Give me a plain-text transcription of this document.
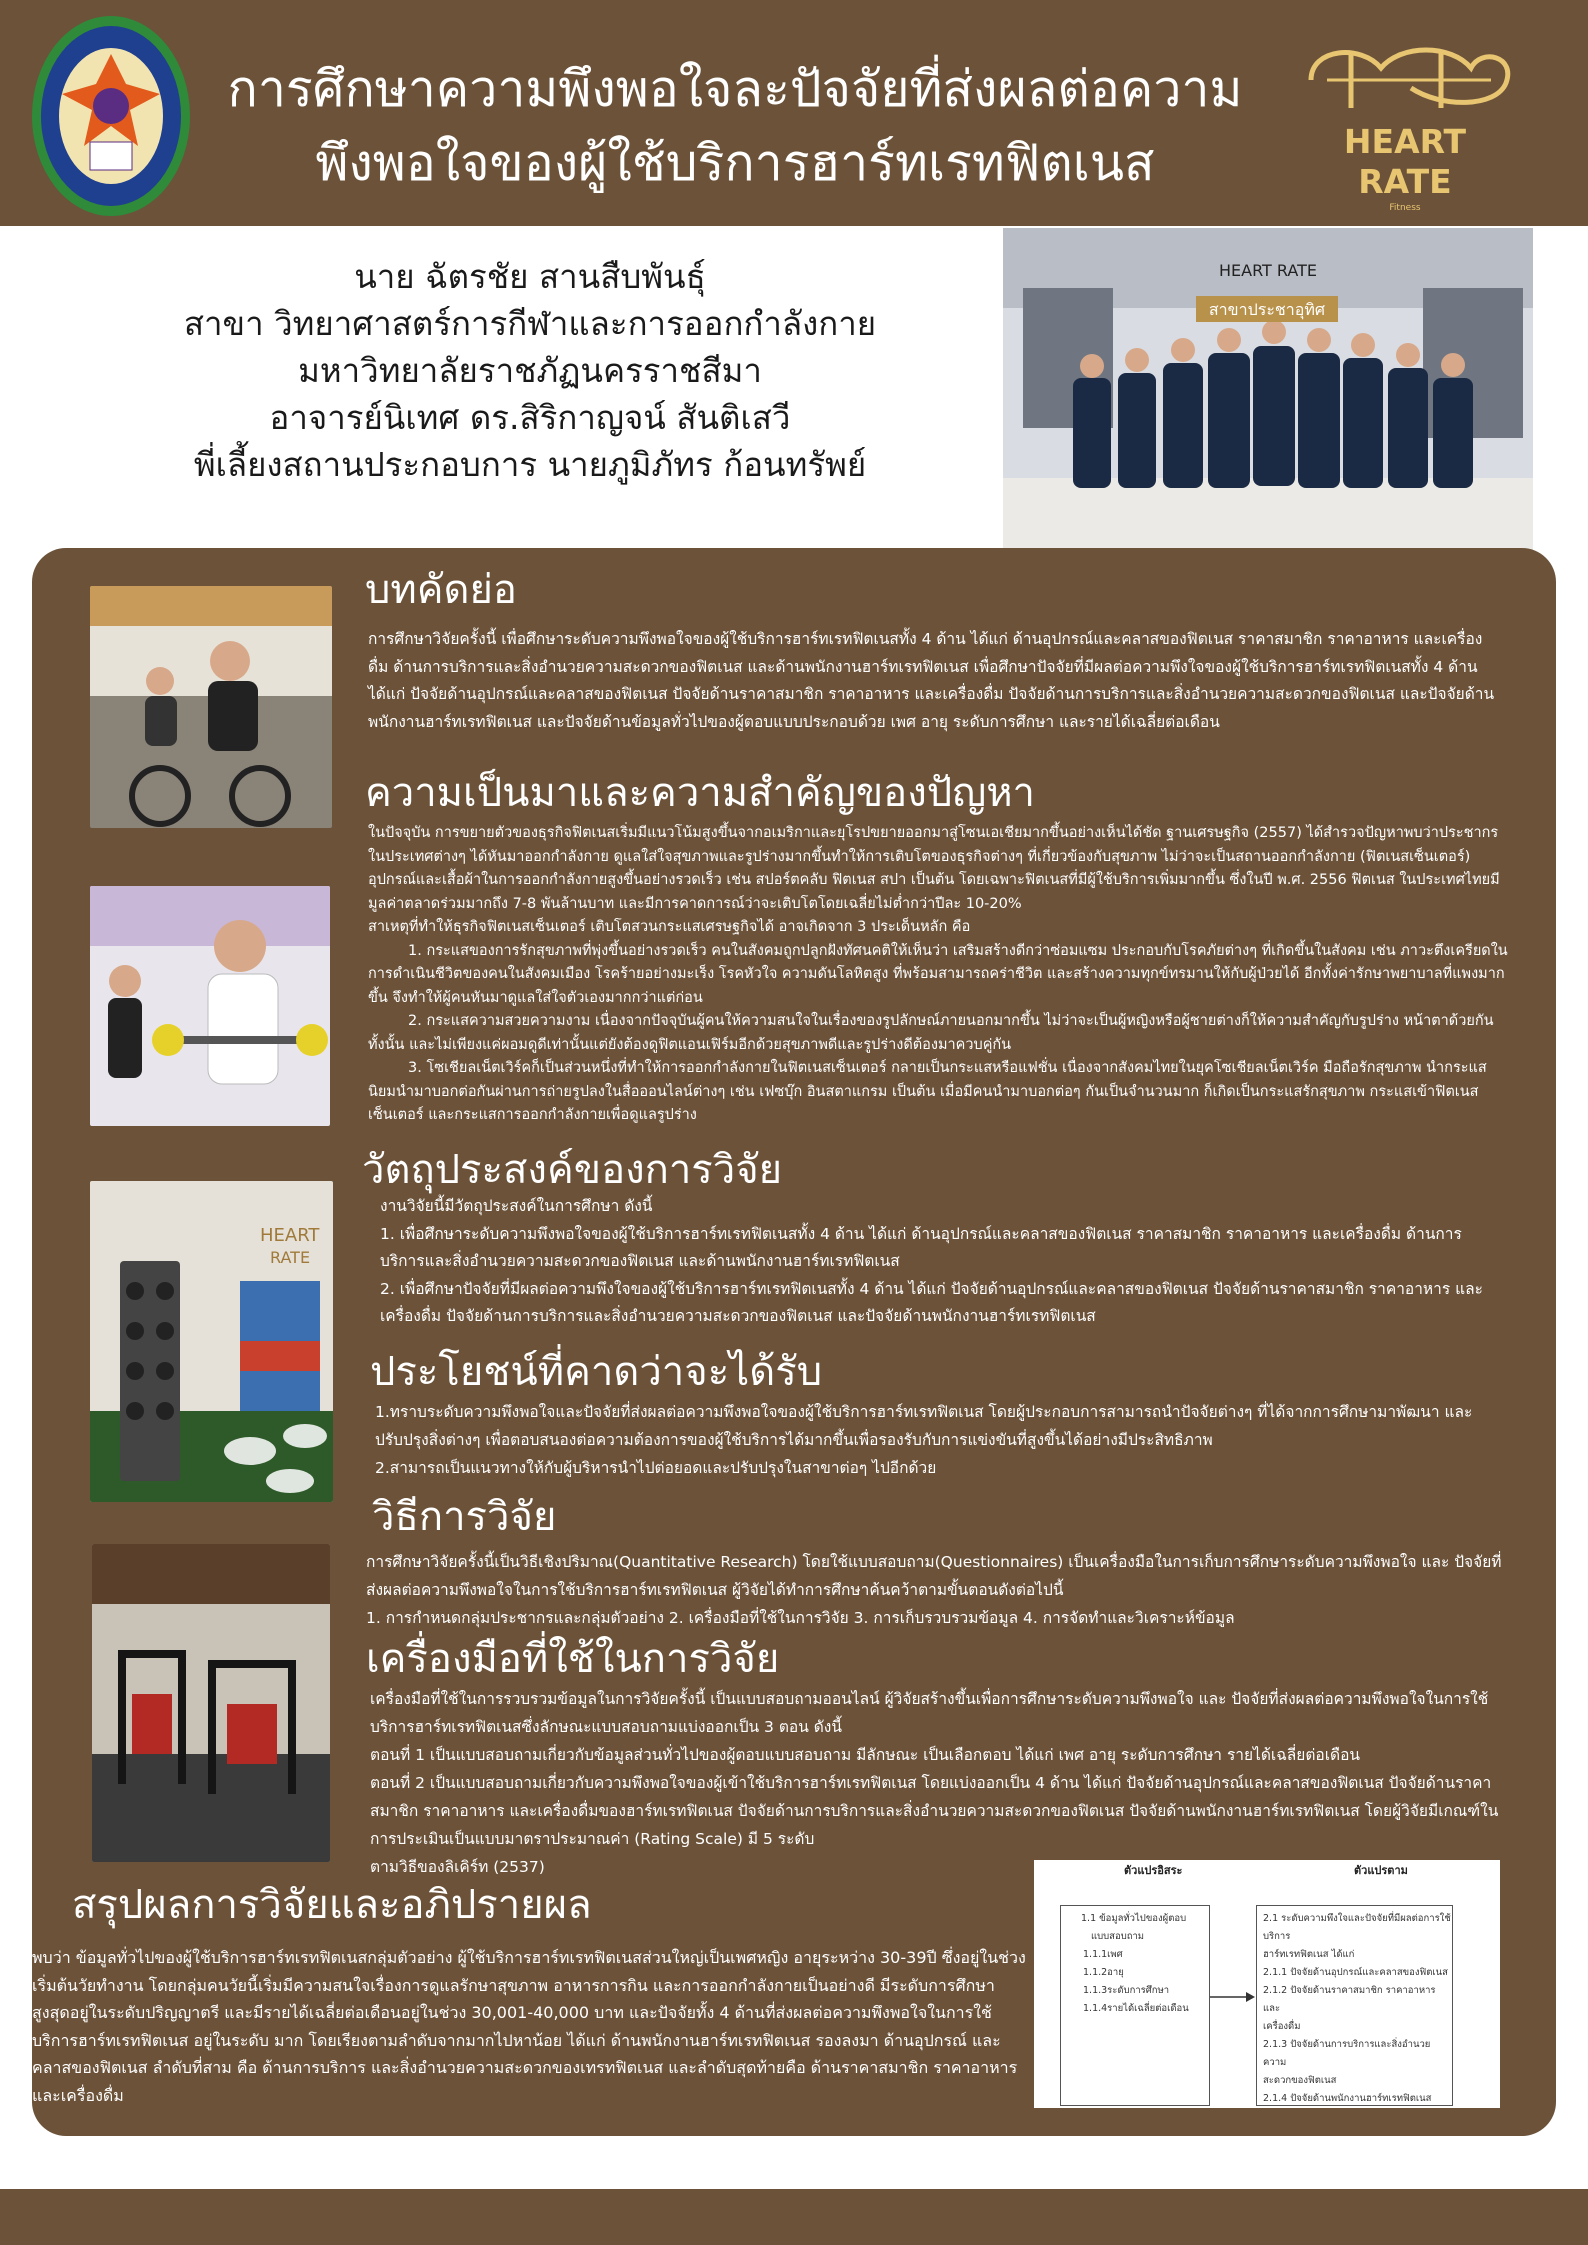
การศึกษาความพึงพอใจละปัจจัยที่ส่งผลต่อความ
พึงพอใจของผู้ใช้บริการฮาร์ทเรทฟิตเนส	HEART
RATE
Fitness
นาย ฉัตรชัย สานสืบพันธุ์
สาขา วิทยาศาสตร์การกีฬาและการออกกำลังกาย
มหาวิทยาลัยราชภัฏนครราชสีมา
อาจารย์นิเทศ ดร.สิริกาญจน์ สันติเสวี
พี่เลี้ยงสถานประกอบการ นายภูมิภัทร ก้อนทรัพย์
HEART RATE
สาขาประชาอุทิศ
HEART
RATE
บทคัดย่อ

การศึกษาวิจัยครั้งนี้ เพื่อศึกษาระดับความพึงพอใจของผู้ใช้บริการฮาร์ทเรทฟิตเนสทั้ง 4 ด้าน ได้แก่ ด้านอุปกรณ์และคลาสของฟิตเนส ราคาสมาชิก ราคาอาหาร และเครื่องดื่ม ด้านการบริการและสิ่งอำนวยความสะดวกของฟิตเนส และด้านพนักงานฮาร์ทเรทฟิตเนส เพื่อศึกษาปัจจัยที่มีผลต่อความพึงใจของผู้ใช้บริการฮาร์ทเรทฟิตเนสทั้ง 4 ด้าน ได้แก่ ปัจจัยด้านอุปกรณ์และคลาสของฟิตเนส ปัจจัยด้านราคาสมาชิก ราคาอาหาร และเครื่องดื่ม ปัจจัยด้านการบริการและสิ่งอำนวยความสะดวกของฟิตเนส และปัจจัยด้านพนักงานฮาร์ทเรทฟิตเนส และปัจจัยด้านข้อมูลทั่วไปของผู้ตอบแบบประกอบด้วย เพศ อายุ ระดับการศึกษา และรายได้เฉลี่ยต่อเดือน

ความเป็นมาและความสำคัญของปัญหา

ในปัจจุบัน การขยายตัวของธุรกิจฟิตเนสเริ่มมีแนวโน้มสูงขึ้นจากอเมริกาและยุโรปขยายออกมาสู่โซนเอเชียมากขึ้นอย่างเห็นได้ชัด ฐานเศรษฐกิจ (2557) ได้สำรวจปัญหาพบว่าประชากรในประเทศต่างๆ ได้หันมาออกกำลังกาย ดูแลใส่ใจสุขภาพและรูปร่างมากขึ้นทำให้การเติบโตของธุรกิจต่างๆ ที่เกี่ยวข้องกับสุขภาพ ไม่ว่าจะเป็นสถานออกกำลังกาย (ฟิตเนสเซ็นเตอร์) อุปกรณ์และเสื้อผ้าในการออกกำลังกายสูงขึ้นอย่างรวดเร็ว เช่น สปอร์ตคลับ ฟิตเนส สปา เป็นต้น โดยเฉพาะฟิตเนสที่มีผู้ใช้บริการเพิ่มมากขึ้น ซึ่งในปี พ.ศ. 2556 ฟิตเนส ในประเทศไทยมีมูลค่าตลาดร่วมมากถึง 7-8 พันล้านบาท และมีการคาดการณ์ว่าจะเติบโตโดยเฉลี่ยไม่ต่ำกว่าปีละ 10-20%

สาเหตุที่ทำให้ธุรกิจฟิตเนสเซ็นเตอร์ เติบโตสวนกระแสเศรษฐกิจได้ อาจเกิดจาก 3 ประเด็นหลัก คือ

1. กระแสของการรักสุขภาพที่พุ่งขึ้นอย่างรวดเร็ว คนในสังคมถูกปลูกฝังทัศนคติให้เห็นว่า เสริมสร้างดีกว่าซ่อมแซม ประกอบกับโรคภัยต่างๆ ที่เกิดขึ้นในสังคม เช่น ภาวะตึงเครียดในการดำเนินชีวิตของคนในสังคมเมือง โรคร้ายอย่างมะเร็ง โรคหัวใจ ความดันโลหิตสูง ที่พร้อมสามารถคร่าชีวิต และสร้างความทุกข์ทรมานให้กับผู้ป่วยได้ อีกทั้งค่ารักษาพยาบาลที่แพงมากขึ้น จึงทำให้ผู้คนหันมาดูแลใส่ใจตัวเองมากกว่าแต่ก่อน

2. กระแสความสวยความงาม เนื่องจากปัจจุบันผู้คนให้ความสนใจในเรื่องของรูปลักษณ์ภายนอกมากขึ้น ไม่ว่าจะเป็นผู้หญิงหรือผู้ชายต่างก็ให้ความสำคัญกับรูปร่าง หน้าตาด้วยกันทั้งนั้น และไม่เพียงแค่ผอมดูดีเท่านั้นแต่ยังต้องดูฟิตแอนเฟิร์มอีกด้วยสุขภาพดีและรูปร่างดีต้องมาควบคู่กัน

3. โซเชียลเน็ตเวิร์คก็เป็นส่วนหนึ่งที่ทำให้การออกกำลังกายในฟิตเนสเซ็นเตอร์ กลายเป็นกระแสหรือแฟชั่น เนื่องจากสังคมไทยในยุคโซเชียลเน็ตเวิร์ค มือถือรักสุขภาพ นำกระแสนิยมนำมาบอกต่อกันผ่านการถ่ายรูปลงในสื่อออนไลน์ต่างๆ เช่น เฟซบุ๊ก อินสตาแกรม เป็นต้น เมื่อมีคนนำมาบอกต่อๆ กันเป็นจำนวนมาก ก็เกิดเป็นกระแสรักสุขภาพ กระแสเข้าฟิตเนสเซ็นเตอร์ และกระแสการออกกำลังกายเพื่อดูแลรูปร่าง

วัตถุประสงค์ของการวิจัย

งานวิจัยนี้มีวัตถุประสงค์ในการศึกษา ดังนี้

1. เพื่อศึกษาระดับความพึงพอใจของผู้ใช้บริการฮาร์ทเรทฟิตเนสทั้ง 4 ด้าน ได้แก่ ด้านอุปกรณ์และคลาสของฟิตเนส ราคาสมาชิก ราคาอาหาร และเครื่องดื่ม ด้านการบริการและสิ่งอำนวยความสะดวกของฟิตเนส และด้านพนักงานฮาร์ทเรทฟิตเนส

2. เพื่อศึกษาปัจจัยที่มีผลต่อความพึงใจของผู้ใช้บริการฮาร์ทเรทฟิตเนสทั้ง 4 ด้าน ได้แก่ ปัจจัยด้านอุปกรณ์และคลาสของฟิตเนส ปัจจัยด้านราคาสมาชิก ราคาอาหาร และเครื่องดื่ม ปัจจัยด้านการบริการและสิ่งอำนวยความสะดวกของฟิตเนส และปัจจัยด้านพนักงานฮาร์ทเรทฟิตเนส

ประโยชน์ที่คาดว่าจะได้รับ

1.ทราบระดับความพึงพอใจและปัจจัยที่ส่งผลต่อความพึงพอใจของผู้ใช้บริการฮาร์ทเรทฟิตเนส โดยผู้ประกอบการสามารถนำปัจจัยต่างๆ ที่ได้จากการศึกษามาพัฒนา และปรับปรุงสิ่งต่างๆ เพื่อตอบสนองต่อความต้องการของผู้ใช้บริการได้มากขึ้นเพื่อรองรับกับการแข่งขันที่สูงขึ้นได้อย่างมีประสิทธิภาพ

2.สามารถเป็นแนวทางให้กับผู้บริหารนำไปต่อยอดและปรับปรุงในสาขาต่อๆ ไปอีกด้วย

วิธีการวิจัย

การศึกษาวิจัยครั้งนี้เป็นวิธีเชิงปริมาณ(Quantitative Research) โดยใช้แบบสอบถาม(Questionnaires) เป็นเครื่องมือในการเก็บการศึกษาระดับความพึงพอใจ และ ปัจจัยที่ส่งผลต่อความพึงพอใจในการใช้บริการฮาร์ทเรทฟิตเนส ผู้วิจัยได้ทำการศึกษาค้นคว้าตามขั้นตอนดังต่อไปนี้

1. การกำหนดกลุ่มประชากรและกลุ่มตัวอย่าง 2. เครื่องมือที่ใช้ในการวิจัย 3. การเก็บรวบรวมข้อมูล 4. การจัดทำและวิเคราะห์ข้อมูล

เครื่องมือที่ใช้ในการวิจัย

เครื่องมือที่ใช้ในการรวบรวมข้อมูลในการวิจัยครั้งนี้ เป็นแบบสอบถามออนไลน์ ผู้วิจัยสร้างขึ้นเพื่อการศึกษาระดับความพึงพอใจ และ ปัจจัยที่ส่งผลต่อความพึงพอใจในการใช้บริการฮาร์ทเรทฟิตเนสซึ่งลักษณะแบบสอบถามแบ่งออกเป็น 3 ตอน ดังนี้

ตอนที่ 1 เป็นแบบสอบถามเกี่ยวกับข้อมูลส่วนทั่วไปของผู้ตอบแบบสอบถาม มีลักษณะ เป็นเลือกตอบ ได้แก่ เพศ อายุ ระดับการศึกษา รายได้เฉลี่ยต่อเดือน

ตอนที่ 2 เป็นแบบสอบถามเกี่ยวกับความพึงพอใจของผู้เข้าใช้บริการฮาร์ทเรทฟิตเนส โดยแบ่งออกเป็น 4 ด้าน ได้แก่ ปัจจัยด้านอุปกรณ์และคลาสของฟิตเนส ปัจจัยด้านราคาสมาชิก ราคาอาหาร และเครื่องดื่มของฮาร์ทเรทฟิตเนส ปัจจัยด้านการบริการและสิ่งอำนวยความสะดวกของฟิตเนส ปัจจัยด้านพนักงานฮาร์ทเรทฟิตเนส โดยผู้วิจัยมีเกณฑ์ในการประเมินเป็นแบบมาตราประมาณค่า (Rating Scale) มี 5 ระดับ

ตามวิธีของลิเคิร์ท (2537)

สรุปผลการวิจัยและอภิปรายผล

พบว่า ข้อมูลทั่วไปของผู้ใช้บริการฮาร์ทเรทฟิตเนสกลุ่มตัวอย่าง ผู้ใช้บริการฮาร์ทเรทฟิตเนสส่วนใหญ่เป็นเพศหญิง อายุระหว่าง 30-39ปี ซึ่งอยู่ในช่วงเริ่มต้นวัยทำงาน โดยกลุ่มคนวัยนี้เริ่มมีความสนใจเรื่องการดูแลรักษาสุขภาพ อาหารการกิน และการออกกำลังกายเป็นอย่างดี มีระดับการศึกษาสูงสุดอยู่ในระดับปริญญาตรี และมีรายได้เฉลี่ยต่อเดือนอยู่ในช่วง 30,001-40,000 บาท และปัจจัยทั้ง 4 ด้านที่ส่งผลต่อความพึงพอใจในการใช้บริการฮาร์ทเรทฟิตเนส อยู่ในระดับ มาก โดยเรียงตามลำดับจากมากไปหาน้อย ได้แก่ ด้านพนักงานฮาร์ทเรทฟิตเนส รองลงมา ด้านอุปกรณ์ และคลาสของฟิตเนส ลำดับที่สาม คือ ด้านการบริการ และสิ่งอำนวยความสะดวกของเทรทฟิตเนส และลำดับสุดท้ายคือ ด้านราคาสมาชิก ราคาอาหาร และเครื่องดื่ม

ตัวแปรอิสระ	ตัวแปรตาม
1.1 ข้อมูลทั่วไปของผู้ตอบ
แบบสอบถาม
1.1.1เพศ
1.1.2อายุ
1.1.3ระดับการศึกษา
1.1.4รายได้เฉลี่ยต่อเดือน
2.1 ระดับความพึงใจและปัจจัยที่มีผลต่อการใช้บริการ
ฮาร์ทเรทฟิตเนส ได้แก่
2.1.1 ปัจจัยด้านอุปกรณ์และคลาสของฟิตเนส
2.1.2 ปัจจัยด้านราคาสมาชิก ราคาอาหาร และ
เครื่องดื่ม
2.1.3 ปัจจัยด้านการบริการและสิ่งอำนวยความ
สะดวกของฟิตเนส
2.1.4 ปัจจัยด้านพนักงานฮาร์ทเรทฟิตเนส
